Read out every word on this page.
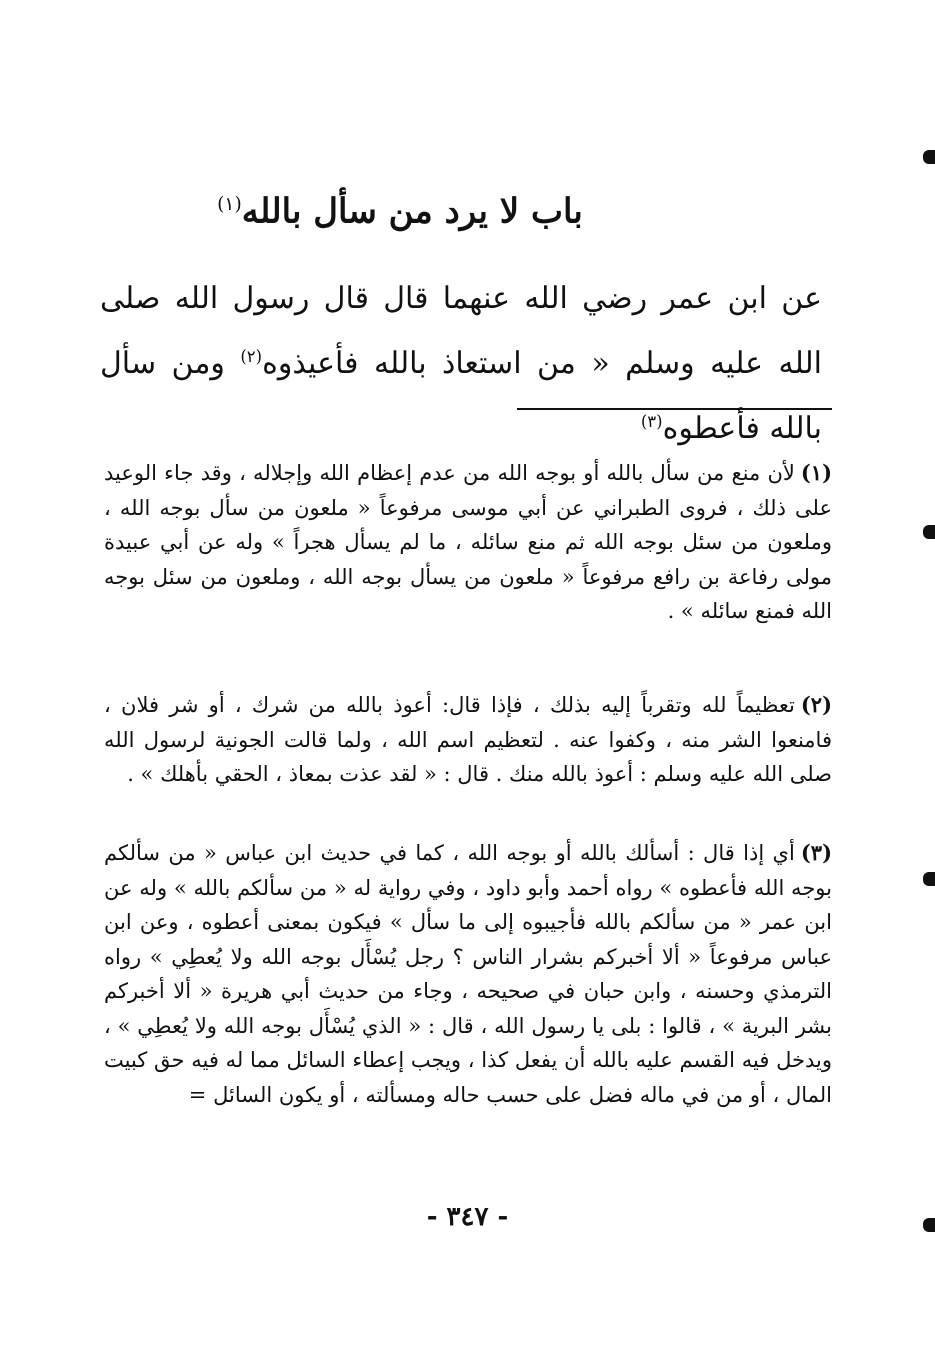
باب لا يرد من سأل بالله$^{(١)}$
عن ابن عمر رضي الله عنهما قال قال رسول الله صلى الله عليه وسلم « من استعاذ بالله فأعيذوه$^{(٢)}$ ومن سأل بالله فأعطوه$^{(٣)}$
(١)لأن منع من سأل بالله أو بوجه الله من عدم إعظام الله وإجلاله ، وقد جاء الوعيد على ذلك ، فروى الطبراني عن أبي موسى مرفوعاً « ملعون من سأل بوجه الله ، وملعون من سئل بوجه الله ثم منع سائله ، ما لم يسأل هجراً » وله عن أبي عبيدة مولى رفاعة بن رافع مرفوعاً « ملعون من يسأل بوجه الله ، وملعون من سئل بوجه الله فمنع سائله » .
(٢)تعظيماً لله وتقرباً إليه بذلك ، فإذا قال: أعوذ بالله من شرك ، أو شر فلان ، فامنعوا الشر منه ، وكفوا عنه . لتعظيم اسم الله ، ولما قالت الجونية لرسول الله صلى الله عليه وسلم : أعوذ بالله منك . قال : « لقد عذت بمعاذ ، الحقي بأهلك » .
(٣)أي إذا قال : أسألك بالله أو بوجه الله ، كما في حديث ابن عباس « من سألكم بوجه الله فأعطوه » رواه أحمد وأبو داود ، وفي رواية له « من سألكم بالله » وله عن ابن عمر « من سألكم بالله فأجيبوه إلى ما سأل » فيكون بمعنى أعطوه ، وعن ابن عباس مرفوعاً « ألا أخبركم بشرار الناس ؟ رجل يُسْأَل بوجه الله ولا يُعطِي » رواه الترمذي وحسنه ، وابن حبان في صحيحه ، وجاء من حديث أبي هريرة « ألا أخبركم بشر البرية » ، قالوا : بلى يا رسول الله ، قال : « الذي يُسْأَل بوجه الله ولا يُعطِي » ، ويدخل فيه القسم عليه بالله أن يفعل كذا ، ويجب إعطاء السائل مما له فيه حق كبيت المال ، أو من في ماله فضل على حسب حاله ومسألته ، أو يكون السائل =
- ٣٤٧ -
